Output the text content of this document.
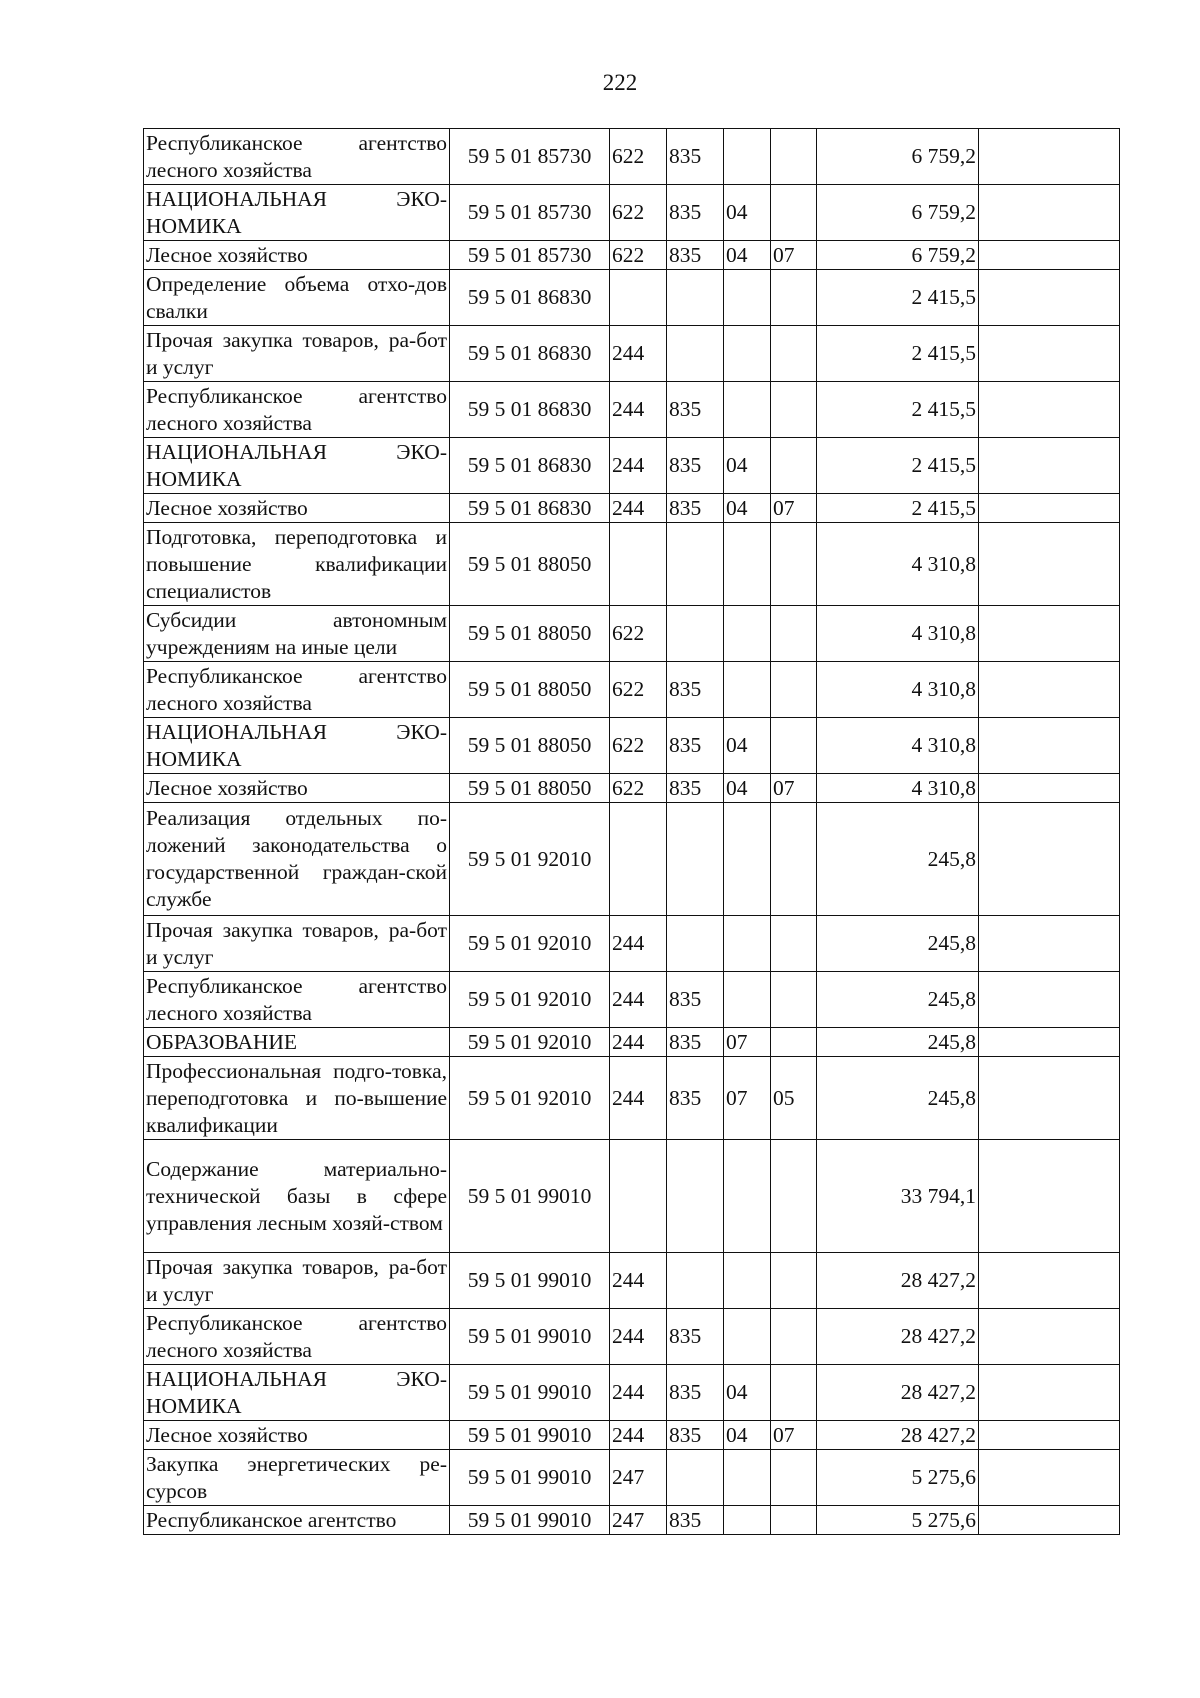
222
Республиканское агентство лесного хозяйства	59 5 01 85730	622	835			6 759,2	
НАЦИОНАЛЬНАЯ ЭКО-НОМИКА	59 5 01 85730	622	835	04		6 759,2	
Лесное хозяйство	59 5 01 85730	622	835	04	07	6 759,2	
Определение объема отхо-дов свалки	59 5 01 86830					2 415,5	
Прочая закупка товаров, ра-бот и услуг	59 5 01 86830	244				2 415,5	
Республиканское агентство лесного хозяйства	59 5 01 86830	244	835			2 415,5	
НАЦИОНАЛЬНАЯ ЭКО-НОМИКА	59 5 01 86830	244	835	04		2 415,5	
Лесное хозяйство	59 5 01 86830	244	835	04	07	2 415,5	
Подготовка, переподготовка и повышение квалификации специалистов	59 5 01 88050					4 310,8	
Субсидии автономным учреждениям на иные цели	59 5 01 88050	622				4 310,8	
Республиканское агентство лесного хозяйства	59 5 01 88050	622	835			4 310,8	
НАЦИОНАЛЬНАЯ ЭКО-НОМИКА	59 5 01 88050	622	835	04		4 310,8	
Лесное хозяйство	59 5 01 88050	622	835	04	07	4 310,8	
Реализация отдельных по-ложений законодательства о государственной граждан-ской службе	59 5 01 92010					245,8	
Прочая закупка товаров, ра-бот и услуг	59 5 01 92010	244				245,8	
Республиканское агентство лесного хозяйства	59 5 01 92010	244	835			245,8	
ОБРАЗОВАНИЕ	59 5 01 92010	244	835	07		245,8	
Профессиональная подго-товка, переподготовка и по-вышение квалификации	59 5 01 92010	244	835	07	05	245,8	
Содержание материально-технической базы в сфере управления лесным хозяй-ством	59 5 01 99010					33 794,1	
Прочая закупка товаров, ра-бот и услуг	59 5 01 99010	244				28 427,2	
Республиканское агентство лесного хозяйства	59 5 01 99010	244	835			28 427,2	
НАЦИОНАЛЬНАЯ ЭКО-НОМИКА	59 5 01 99010	244	835	04		28 427,2	
Лесное хозяйство	59 5 01 99010	244	835	04	07	28 427,2	
Закупка энергетических ре-сурсов	59 5 01 99010	247				5 275,6	
Республиканское агентство	59 5 01 99010	247	835			5 275,6	
